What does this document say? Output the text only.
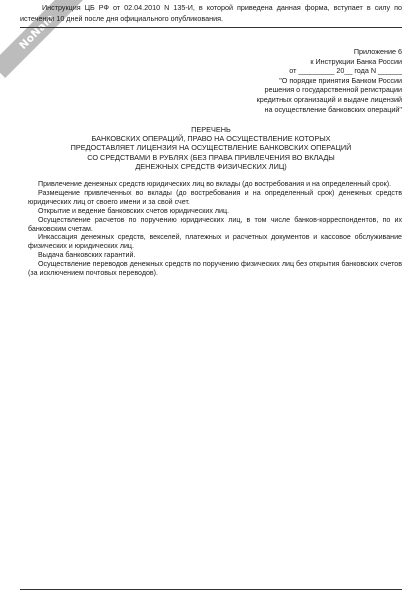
NoNam

Инструкция ЦБ РФ от 02.04.2010 N 135-И, в которой приведена данная форма, вступает в силу по истечении 10 дней после дня официального опубликования.

Приложение 6
к Инструкции Банка России
от _________ 20__ года N ______
"О порядке принятия Банком России
решения о государственной регистрации
кредитных организаций и выдаче лицензий
на осуществление банковских операций"
ПЕРЕЧЕНЬ
БАНКОВСКИХ ОПЕРАЦИЙ, ПРАВО НА ОСУЩЕСТВЛЕНИЕ КОТОРЫХ
ПРЕДОСТАВЛЯЕТ ЛИЦЕНЗИЯ НА ОСУЩЕСТВЛЕНИЕ БАНКОВСКИХ ОПЕРАЦИЙ
СО СРЕДСТВАМИ В РУБЛЯХ (БЕЗ ПРАВА ПРИВЛЕЧЕНИЯ ВО ВКЛАДЫ
ДЕНЕЖНЫХ СРЕДСТВ ФИЗИЧЕСКИХ ЛИЦ)

Привлечение денежных средств юридических лиц во вклады (до востребования и на определенный срок).

Размещение привлеченных во вклады (до востребования и на определенный срок) денежных средств юридических лиц от своего имени и за свой счет.

Открытие и ведение банковских счетов юридических лиц.

Осуществление расчетов по поручению юридических лиц, в том числе банков-корреспондентов, по их банковским счетам.

Инкассация денежных средств, векселей, платежных и расчетных документов и кассовое обслуживание физических и юридических лиц.

Выдача банковских гарантий.

Осуществление переводов денежных средств по поручению физических лиц без открытия банковских счетов (за исключением почтовых переводов).
